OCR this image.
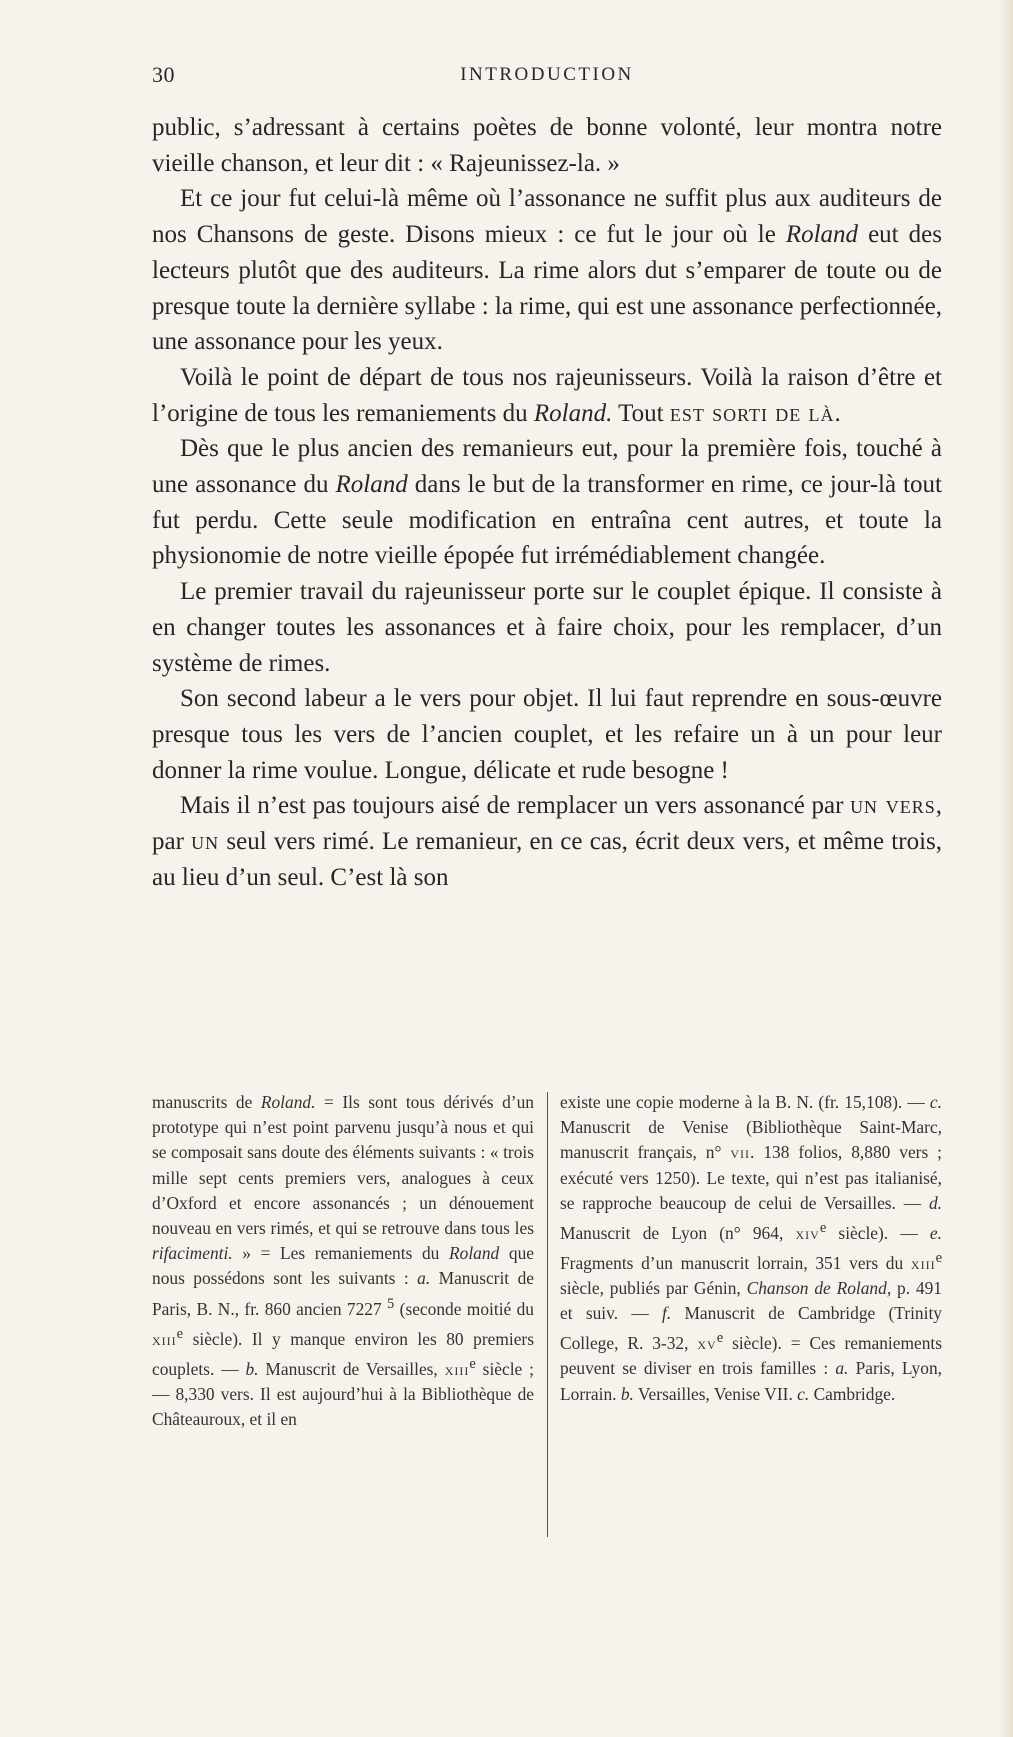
30	INTRODUCTION

public, s’adressant à certains poètes de bonne volonté, leur montra notre vieille chanson, et leur dit : « Rajeunissez-la. »

Et ce jour fut celui-là même où l’assonance ne suffit plus aux auditeurs de nos Chansons de geste. Disons mieux : ce fut le jour où le Roland eut des lecteurs plutôt que des auditeurs. La rime alors dut s’emparer de toute ou de presque toute la dernière syllabe : la rime, qui est une assonance perfectionnée, une assonance pour les yeux.

Voilà le point de départ de tous nos rajeunisseurs. Voilà la raison d’être et l’origine de tous les remaniements du Roland. Tout est sorti de là.

Dès que le plus ancien des remanieurs eut, pour la première fois, touché à une assonance du Roland dans le but de la transformer en rime, ce jour-là tout fut perdu. Cette seule modification en entraîna cent autres, et toute la physionomie de notre vieille épopée fut irrémédiablement changée.

Le premier travail du rajeunisseur porte sur le couplet épique. Il consiste à en changer toutes les assonances et à faire choix, pour les remplacer, d’un système de rimes.

Son second labeur a le vers pour objet. Il lui faut reprendre en sous-œuvre presque tous les vers de l’ancien couplet, et les refaire un à un pour leur donner la rime voulue. Longue, délicate et rude besogne !

Mais il n’est pas toujours aisé de remplacer un vers assonancé par un vers, par un seul vers rimé. Le remanieur, en ce cas, écrit deux vers, et même trois, au lieu d’un seul. C’est là son

manuscrits de Roland. = Ils sont tous dérivés d’un prototype qui n’est point parvenu jusqu’à nous et qui se composait sans doute des éléments suivants : « trois mille sept cents premiers vers, analogues à ceux d’Oxford et encore assonancés ; un dénouement nouveau en vers rimés, et qui se retrouve dans tous les rifacimenti. » = Les remaniements du Roland que nous possédons sont les suivants : a. Manuscrit de Paris, B. N., fr. 860 ancien 7227 $^5$ (seconde moitié du xiii$^e$ siècle). Il y manque environ les 80 premiers couplets. — b. Manuscrit de Versailles, xiii$^e$ siècle ; — 8,330 vers. Il est aujourd’hui à la Bibliothèque de Châteauroux, et il en

existe une copie moderne à la B. N. (fr. 15,108). — c. Manuscrit de Venise (Bibliothèque Saint-Marc, manuscrit français, n° vii. 138 folios, 8,880 vers ; exécuté vers 1250). Le texte, qui n’est pas italianisé, se rapproche beaucoup de celui de Versailles. — d. Manuscrit de Lyon (n° 964, xiv$^e$ siècle). — e. Fragments d’un manuscrit lorrain, 351 vers du xiii$^e$ siècle, publiés par Génin, Chanson de Roland, p. 491 et suiv. — f. Manuscrit de Cambridge (Trinity College, R. 3-32, $xv^e$ siècle). = Ces remaniements peuvent se diviser en trois familles : a. Paris, Lyon, Lorrain. b. Versailles, Venise VII. c. Cambridge.
